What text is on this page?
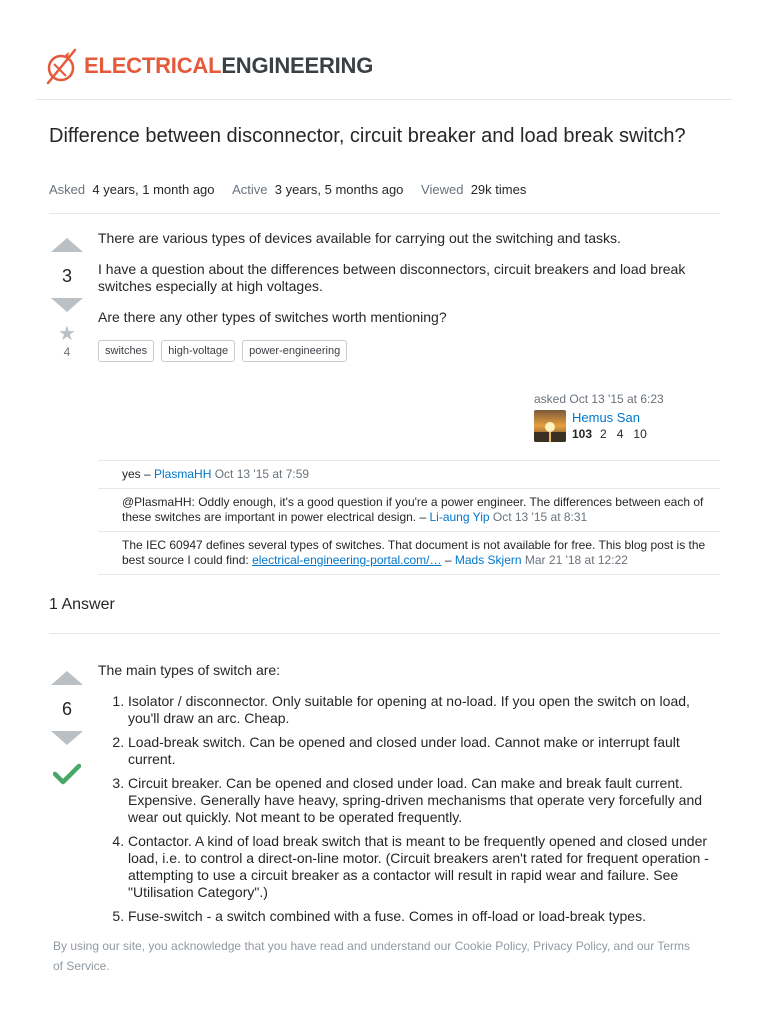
ELECTRICALENGINEERING
Difference between disconnector, circuit breaker and load break switch?
Asked 4 years, 1 month ago Active 3 years, 5 months ago Viewed 29k times
3
★
4

There are various types of devices available for carrying out the switching and tasks.

I have a question about the differences between disconnectors, circuit breakers and load break switches especially at high voltages.

Are there any other types of switches worth mentioning?

switches	high-voltage	power-engineering
asked Oct 13 '15 at 6:23
Hemus San
103 2 4 10
yes – PlasmaHH Oct 13 '15 at 7:59
@PlasmaHH: Oddly enough, it's a good question if you're a power engineer. The differences between each of these switches are important in power electrical design. – Li-aung Yip Oct 13 '15 at 8:31
The IEC 60947 defines several types of switches. That document is not available for free. This blog post is the best source I could find: electrical-engineering-portal.com/… – Mads Skjern Mar 21 '18 at 12:22
1 Answer
6

The main types of switch are:

1. Isolator / disconnector. Only suitable for opening at no-load. If you open the switch on load, you'll draw an arc. Cheap.
2. Load-break switch. Can be opened and closed under load. Cannot make or interrupt fault current.
3. Circuit breaker. Can be opened and closed under load. Can make and break fault current. Expensive. Generally have heavy, spring-driven mechanisms that operate very forcefully and wear out quickly. Not meant to be operated frequently.
4. Contactor. A kind of load break switch that is meant to be frequently opened and closed under load, i.e. to control a direct-on-line motor. (Circuit breakers aren't rated for frequent operation - attempting to use a circuit breaker as a contactor will result in rapid wear and failure. See "Utilisation Category".)
5. Fuse-switch - a switch combined with a fuse. Comes in off-load or load-break types.

By using our site, you acknowledge that you have read and understand our Cookie Policy, Privacy Policy, and our Terms of Service.
